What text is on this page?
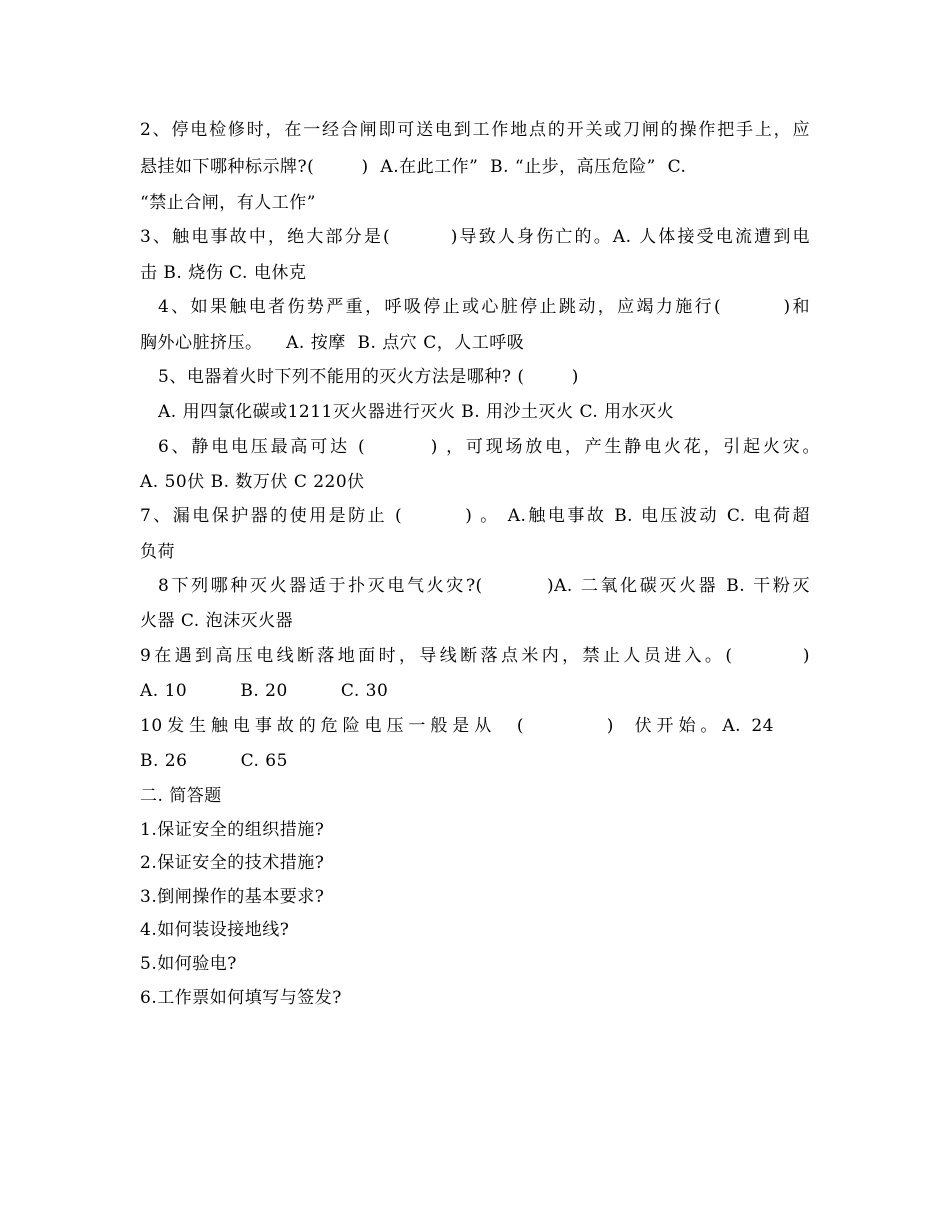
2、停电检修时，在一经合闸即可送电到工作地点的开关或刀闸的操作把手上，应
悬挂如下哪种标示牌?(        )  A.在此工作”  B. “止步，高压危险”  C.
“禁止合闸，有人工作”
3、触电事故中，绝大部分是(        )导致人身伤亡的。A. 人体接受电流遭到电
击 B. 烧伤 C. 电休克
4、如果触电者伤势严重，呼吸停止或心脏停止跳动，应竭力施行(        )和
胸外心脏挤压。    A. 按摩  B. 点穴 C，人工呼吸
5、电器着火时下列不能用的灭火方法是哪种? (        )
A. 用四氯化碳或1211灭火器进行灭火 B. 用沙土灭火 C. 用水灭火
6、静电电压最高可达 (        ) ，可现场放电，产生静电火花，引起火灾。
A. 50伏 B. 数万伏 C 220伏
7、漏电保护器的使用是防止 (        ) 。 A.触电事故 B. 电压波动 C. 电荷超
负荷
8下列哪种灭火器适于扑灭电气火灾?(        )A. 二氧化碳灭火器 B. 干粉灭
火器 C. 泡沫灭火器
9在遇到高压电线断落地面时，导线断落点米内，禁止人员进入。(        )
A. 10         B. 20         C. 30
10发生触电事故的危险电压一般是从  (        )  伏开始。A. 24
B. 26         C. 65
二. 简答题
1.保证安全的组织措施?
2.保证安全的技术措施?
3.倒闸操作的基本要求?
4.如何装设接地线?
5.如何验电?
6.工作票如何填写与签发?
